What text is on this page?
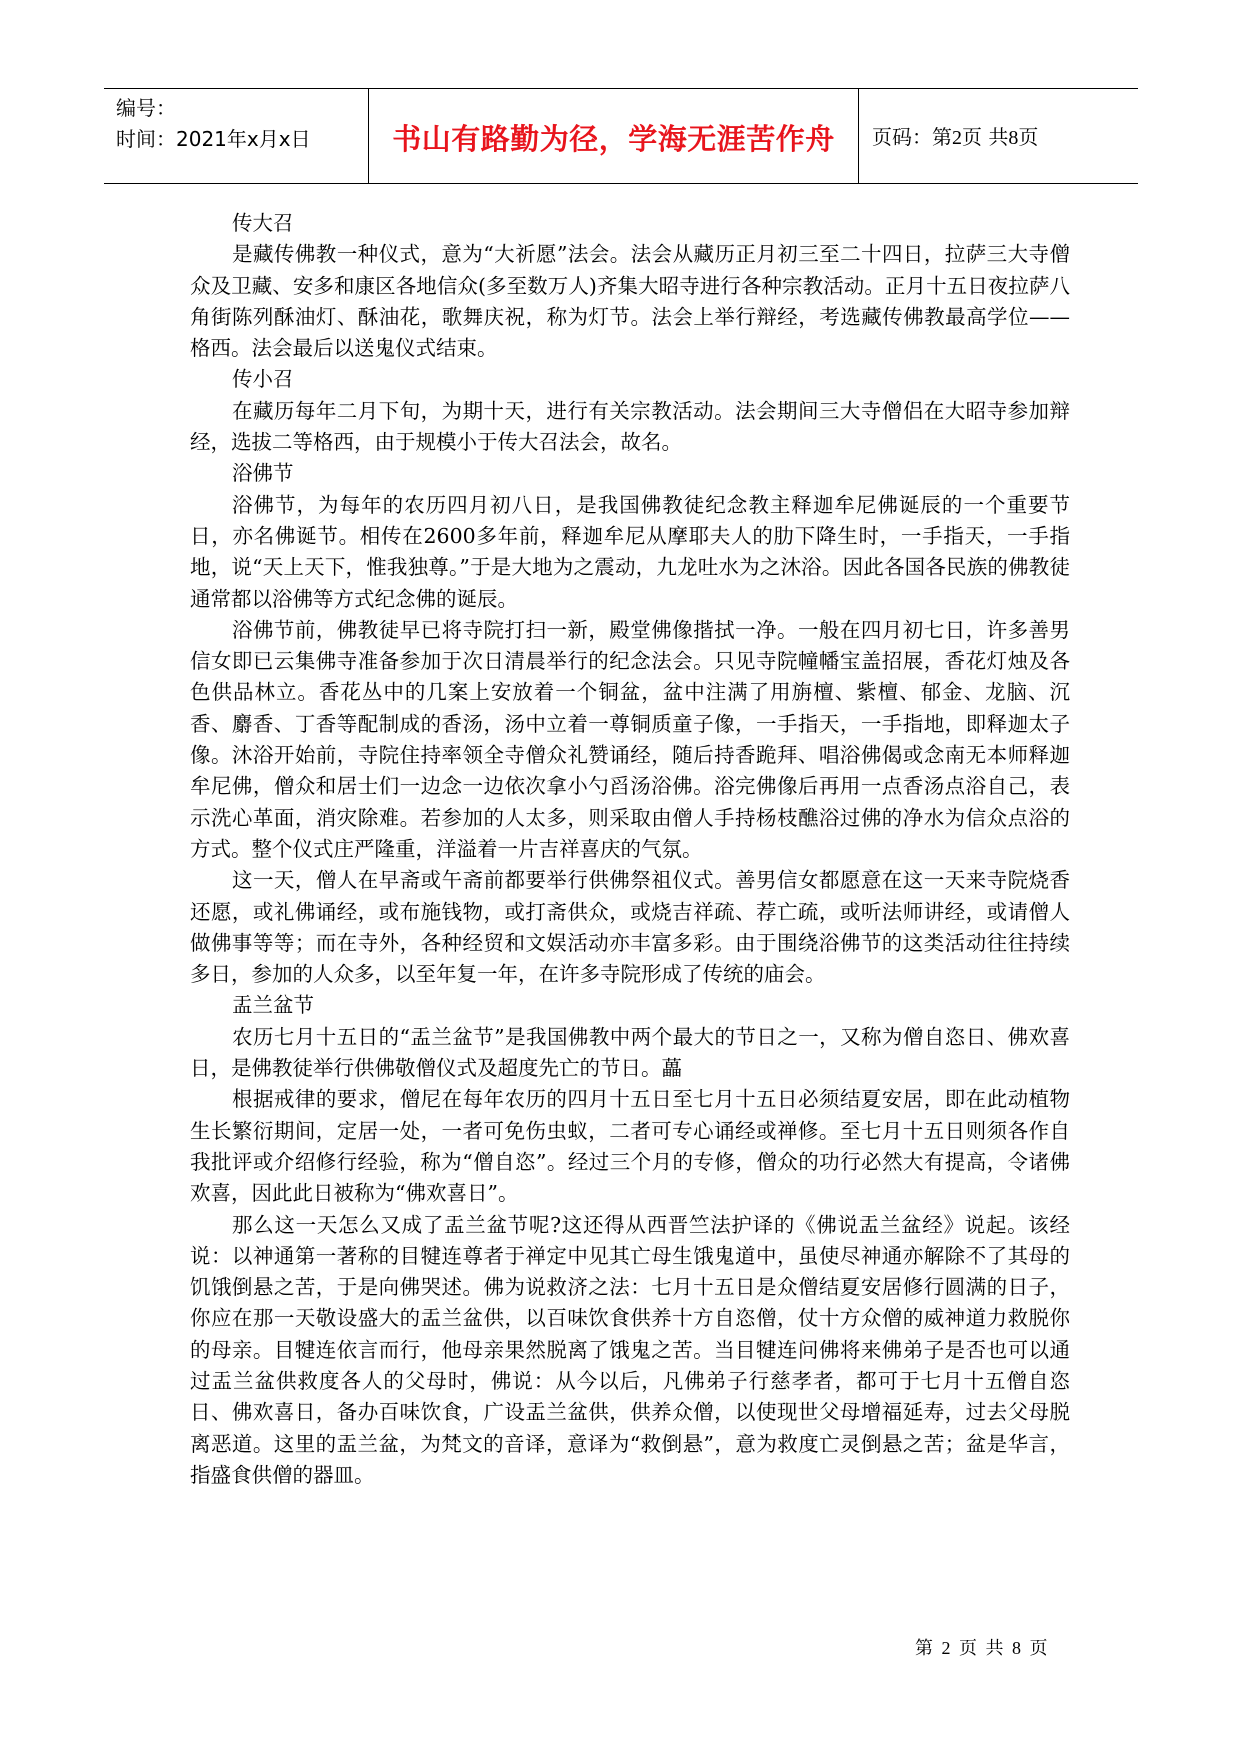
编号：
时间：2021年x月x日	书山有路勤为径，学海无涯苦作舟	页码：第2页 共8页

传大召

是藏传佛教一种仪式，意为“大祈愿”法会。法会从藏历正月初三至二十四日，拉萨三大寺僧众及卫藏、安多和康区各地信众(多至数万人)齐集大昭寺进行各种宗教活动。正月十五日夜拉萨八角街陈列酥油灯、酥油花，歌舞庆祝，称为灯节。法会上举行辩经，考选藏传佛教最高学位——格西。法会最后以送鬼仪式结束。

传小召

在藏历每年二月下旬，为期十天，进行有关宗教活动。法会期间三大寺僧侣在大昭寺参加辩经，选拔二等格西，由于规模小于传大召法会，故名。

浴佛节

浴佛节，为每年的农历四月初八日，是我国佛教徒纪念教主释迦牟尼佛诞辰的一个重要节日，亦名佛诞节。相传在2600多年前，释迦牟尼从摩耶夫人的肋下降生时，一手指天，一手指地，说“天上天下，惟我独尊。”于是大地为之震动，九龙吐水为之沐浴。因此各国各民族的佛教徒通常都以浴佛等方式纪念佛的诞辰。

浴佛节前，佛教徒早已将寺院打扫一新，殿堂佛像揩拭一净。一般在四月初七日，许多善男信女即已云集佛寺准备参加于次日清晨举行的纪念法会。只见寺院幢幡宝盖招展，香花灯烛及各色供品林立。香花丛中的几案上安放着一个铜盆，盆中注满了用旃檀、紫檀、郁金、龙脑、沉香、麝香、丁香等配制成的香汤，汤中立着一尊铜质童子像，一手指天，一手指地，即释迦太子像。沐浴开始前，寺院住持率领全寺僧众礼赞诵经，随后持香跪拜、唱浴佛偈或念南无本师释迦牟尼佛，僧众和居士们一边念一边依次拿小勺舀汤浴佛。浴完佛像后再用一点香汤点浴自己，表示洗心革面，消灾除难。若参加的人太多，则采取由僧人手持杨枝醮浴过佛的净水为信众点浴的方式。整个仪式庄严隆重，洋溢着一片吉祥喜庆的气氛。

这一天，僧人在早斋或午斋前都要举行供佛祭祖仪式。善男信女都愿意在这一天来寺院烧香还愿，或礼佛诵经，或布施钱物，或打斋供众，或烧吉祥疏、荐亡疏，或听法师讲经，或请僧人做佛事等等；而在寺外，各种经贸和文娱活动亦丰富多彩。由于围绕浴佛节的这类活动往往持续多日，参加的人众多，以至年复一年，在许多寺院形成了传统的庙会。

盂兰盆节

农历七月十五日的“盂兰盆节”是我国佛教中两个最大的节日之一，又称为僧自恣日、佛欢喜日，是佛教徒举行供佛敬僧仪式及超度先亡的节日。藟

根据戒律的要求，僧尼在每年农历的四月十五日至七月十五日必须结夏安居，即在此动植物生长繁衍期间，定居一处，一者可免伤虫蚁，二者可专心诵经或禅修。至七月十五日则须各作自我批评或介绍修行经验，称为“僧自恣”。经过三个月的专修，僧众的功行必然大有提高，令诸佛欢喜，因此此日被称为“佛欢喜日”。

那么这一天怎么又成了盂兰盆节呢?这还得从西晋竺法护译的《佛说盂兰盆经》说起。该经说：以神通第一著称的目犍连尊者于禅定中见其亡母生饿鬼道中，虽使尽神通亦解除不了其母的饥饿倒悬之苦，于是向佛哭述。佛为说救济之法：七月十五日是众僧结夏安居修行圆满的日子，你应在那一天敬设盛大的盂兰盆供，以百味饮食供养十方自恣僧，仗十方众僧的威神道力救脱你的母亲。目犍连依言而行，他母亲果然脱离了饿鬼之苦。当目犍连问佛将来佛弟子是否也可以通过盂兰盆供救度各人的父母时，佛说：从今以后，凡佛弟子行慈孝者，都可于七月十五僧自恣日、佛欢喜日，备办百味饮食，广设盂兰盆供，供养众僧，以使现世父母增福延寿，过去父母脱离恶道。这里的盂兰盆，为梵文的音译，意译为“救倒悬”，意为救度亡灵倒悬之苦；盆是华言，指盛食供僧的器皿。

第 2 页 共 8 页
